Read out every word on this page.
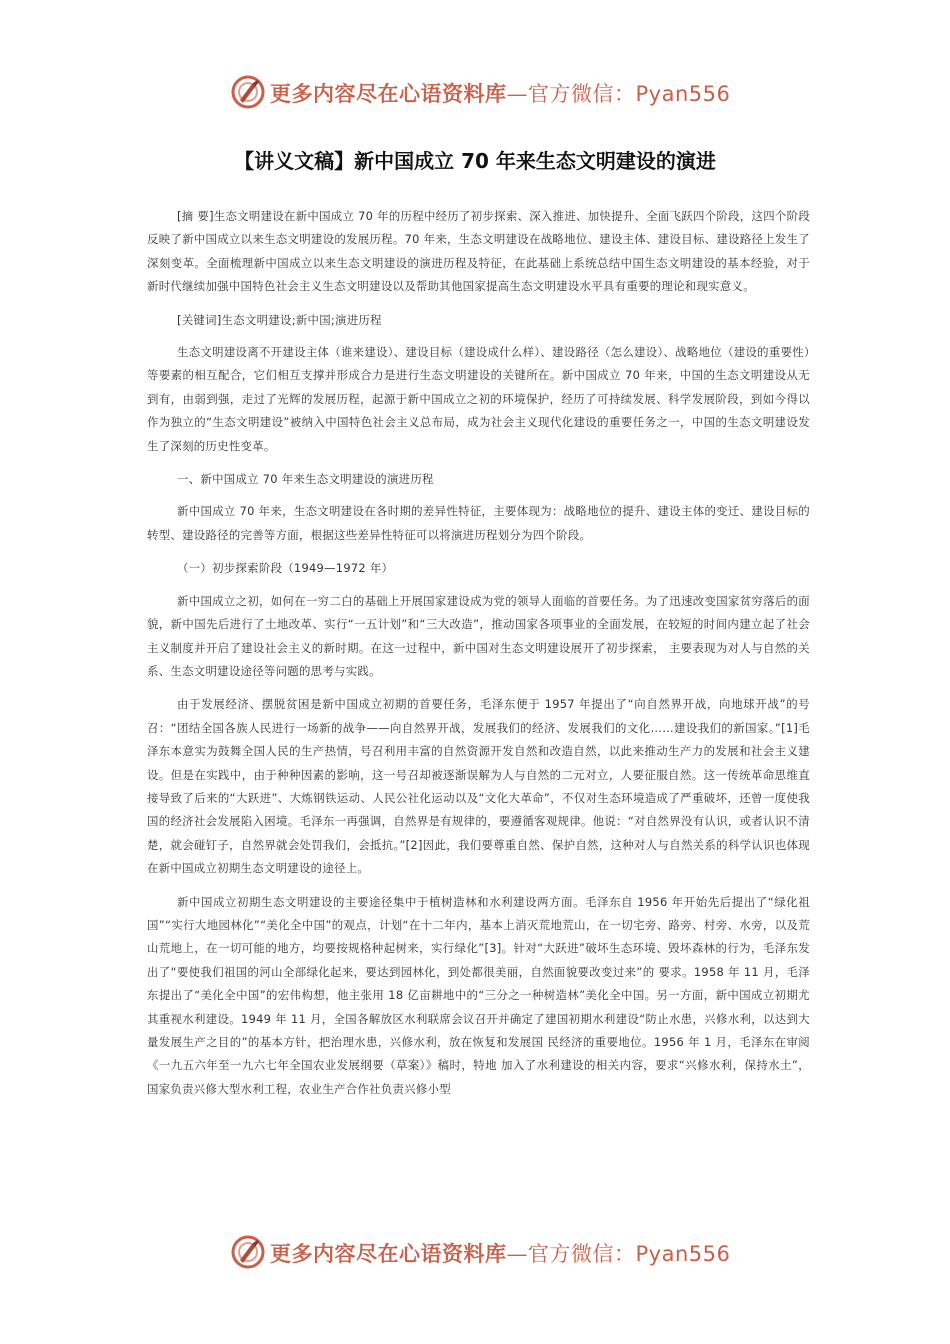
更多内容尽在心语资料库—官方微信：Pyan556
【讲义文稿】新中国成立 70 年来生态文明建设的演进

[摘 要]生态文明建设在新中国成立 70 年的历程中经历了初步探索、深入推进、加快提升、全面飞跃四个阶段，这四个阶段反映了新中国成立以来生态文明建设的发展历程。70 年来，生态文明建设在战略地位、建设主体、建设目标、建设路径上发生了深刻变革。全面梳理新中国成立以来生态文明建设的演进历程及特征，在此基础上系统总结中国生态文明建设的基本经验，对于新时代继续加强中国特色社会主义生态文明建设以及帮助其他国家提高生态文明建设水平具有重要的理论和现实意义。

[关键词]生态文明建设;新中国;演进历程

生态文明建设离不开建设主体（谁来建设）、建设目标（建设成什么样）、建设路径（怎么建设）、战略地位（建设的重要性）等要素的相互配合，它们相互支撑并形成合力是进行生态文明建设的关键所在。新中国成立 70 年来，中国的生态文明建设从无到有，由弱到强，走过了光辉的发展历程，起源于新中国成立之初的环境保护，经历了可持续发展、科学发展阶段，到如今得以作为独立的“生态文明建设”被纳入中国特色社会主义总布局，成为社会主义现代化建设的重要任务之一，中国的生态文明建设发生了深刻的历史性变革。

一、新中国成立 70 年来生态文明建设的演进历程

新中国成立 70 年来，生态文明建设在各时期的差异性特征，主要体现为：战略地位的提升、建设主体的变迁、建设目标的转型、建设路径的完善等方面，根据这些差异性特征可以将演进历程划分为四个阶段。

（一）初步探索阶段（1949—1972 年）

新中国成立之初，如何在一穷二白的基础上开展国家建设成为党的领导人面临的首要任务。为了迅速改变国家贫穷落后的面貌，新中国先后进行了土地改革、实行“一五计划”和“三大改造”，推动国家各项事业的全面发展，在较短的时间内建立起了社会主义制度并开启了建设社会主义的新时期。在这一过程中，新中国对生态文明建设展开了初步探索， 主要表现为对人与自然的关系、生态文明建设途径等问题的思考与实践。

由于发展经济、摆脱贫困是新中国成立初期的首要任务，毛泽东便于 1957 年提出了“向自然界开战，向地球开战”的号召：“团结全国各族人民进行一场新的战争——向自然界开战，发展我们的经济、发展我们的文化……建设我们的新国家。”[1]毛泽东本意实为鼓舞全国人民的生产热情，号召利用丰富的自然资源开发自然和改造自然，以此来推动生产力的发展和社会主义建设。但是在实践中，由于种种因素的影响，这一号召却被逐渐误解为人与自然的二元对立，人要征服自然。这一传统革命思维直接导致了后来的“大跃进”、大炼钢铁运动、人民公社化运动以及“文化大革命”，不仅对生态环境造成了严重破坏，还曾一度使我国的经济社会发展陷入困境。毛泽东一再强调，自然界是有规律的，要遵循客观规律。他说：“对自然界没有认识，或者认识不清楚，就会碰钉子，自然界就会处罚我们，会抵抗。”[2]因此，我们要尊重自然、保护自然，这种对人与自然关系的科学认识也体现在新中国成立初期生态文明建设的途径上。

新中国成立初期生态文明建设的主要途径集中于植树造林和水利建设两方面。毛泽东自 1956 年开始先后提出了“绿化祖国”“实行大地园林化”“美化全中国”的观点，计划“在十二年内，基本上消灭荒地荒山，在一切宅旁、路旁、村旁、水旁，以及荒山荒地上，在一切可能的地方，均要按规格种起树来，实行绿化”[3]。针对“大跃进”破坏生态环境、毁坏森林的行为，毛泽东发出了“要使我们祖国的河山全部绿化起来，要达到园林化，到处都很美丽，自然面貌要改变过来”的 要求。1958 年 11 月，毛泽东提出了“美化全中国”的宏伟构想，他主张用 18 亿亩耕地中的“三分之一种树造林”美化全中国。另一方面，新中国成立初期尤其重视水利建设。1949 年 11 月，全国各解放区水利联席会议召开并确定了建国初期水利建设“防止水患，兴修水利，以达到大量发展生产之目的”的基本方针，把治理水患，兴修水利，放在恢复和发展国 民经济的重要地位。1956 年 1 月，毛泽东在审阅《一九五六年至一九六七年全国农业发展纲要（草案）》稿时，特地 加入了水利建设的相关内容，要求“兴修水利，保持水土”，国家负责兴修大型水利工程，农业生产合作社负责兴修小型

更多内容尽在心语资料库—官方微信：Pyan556
